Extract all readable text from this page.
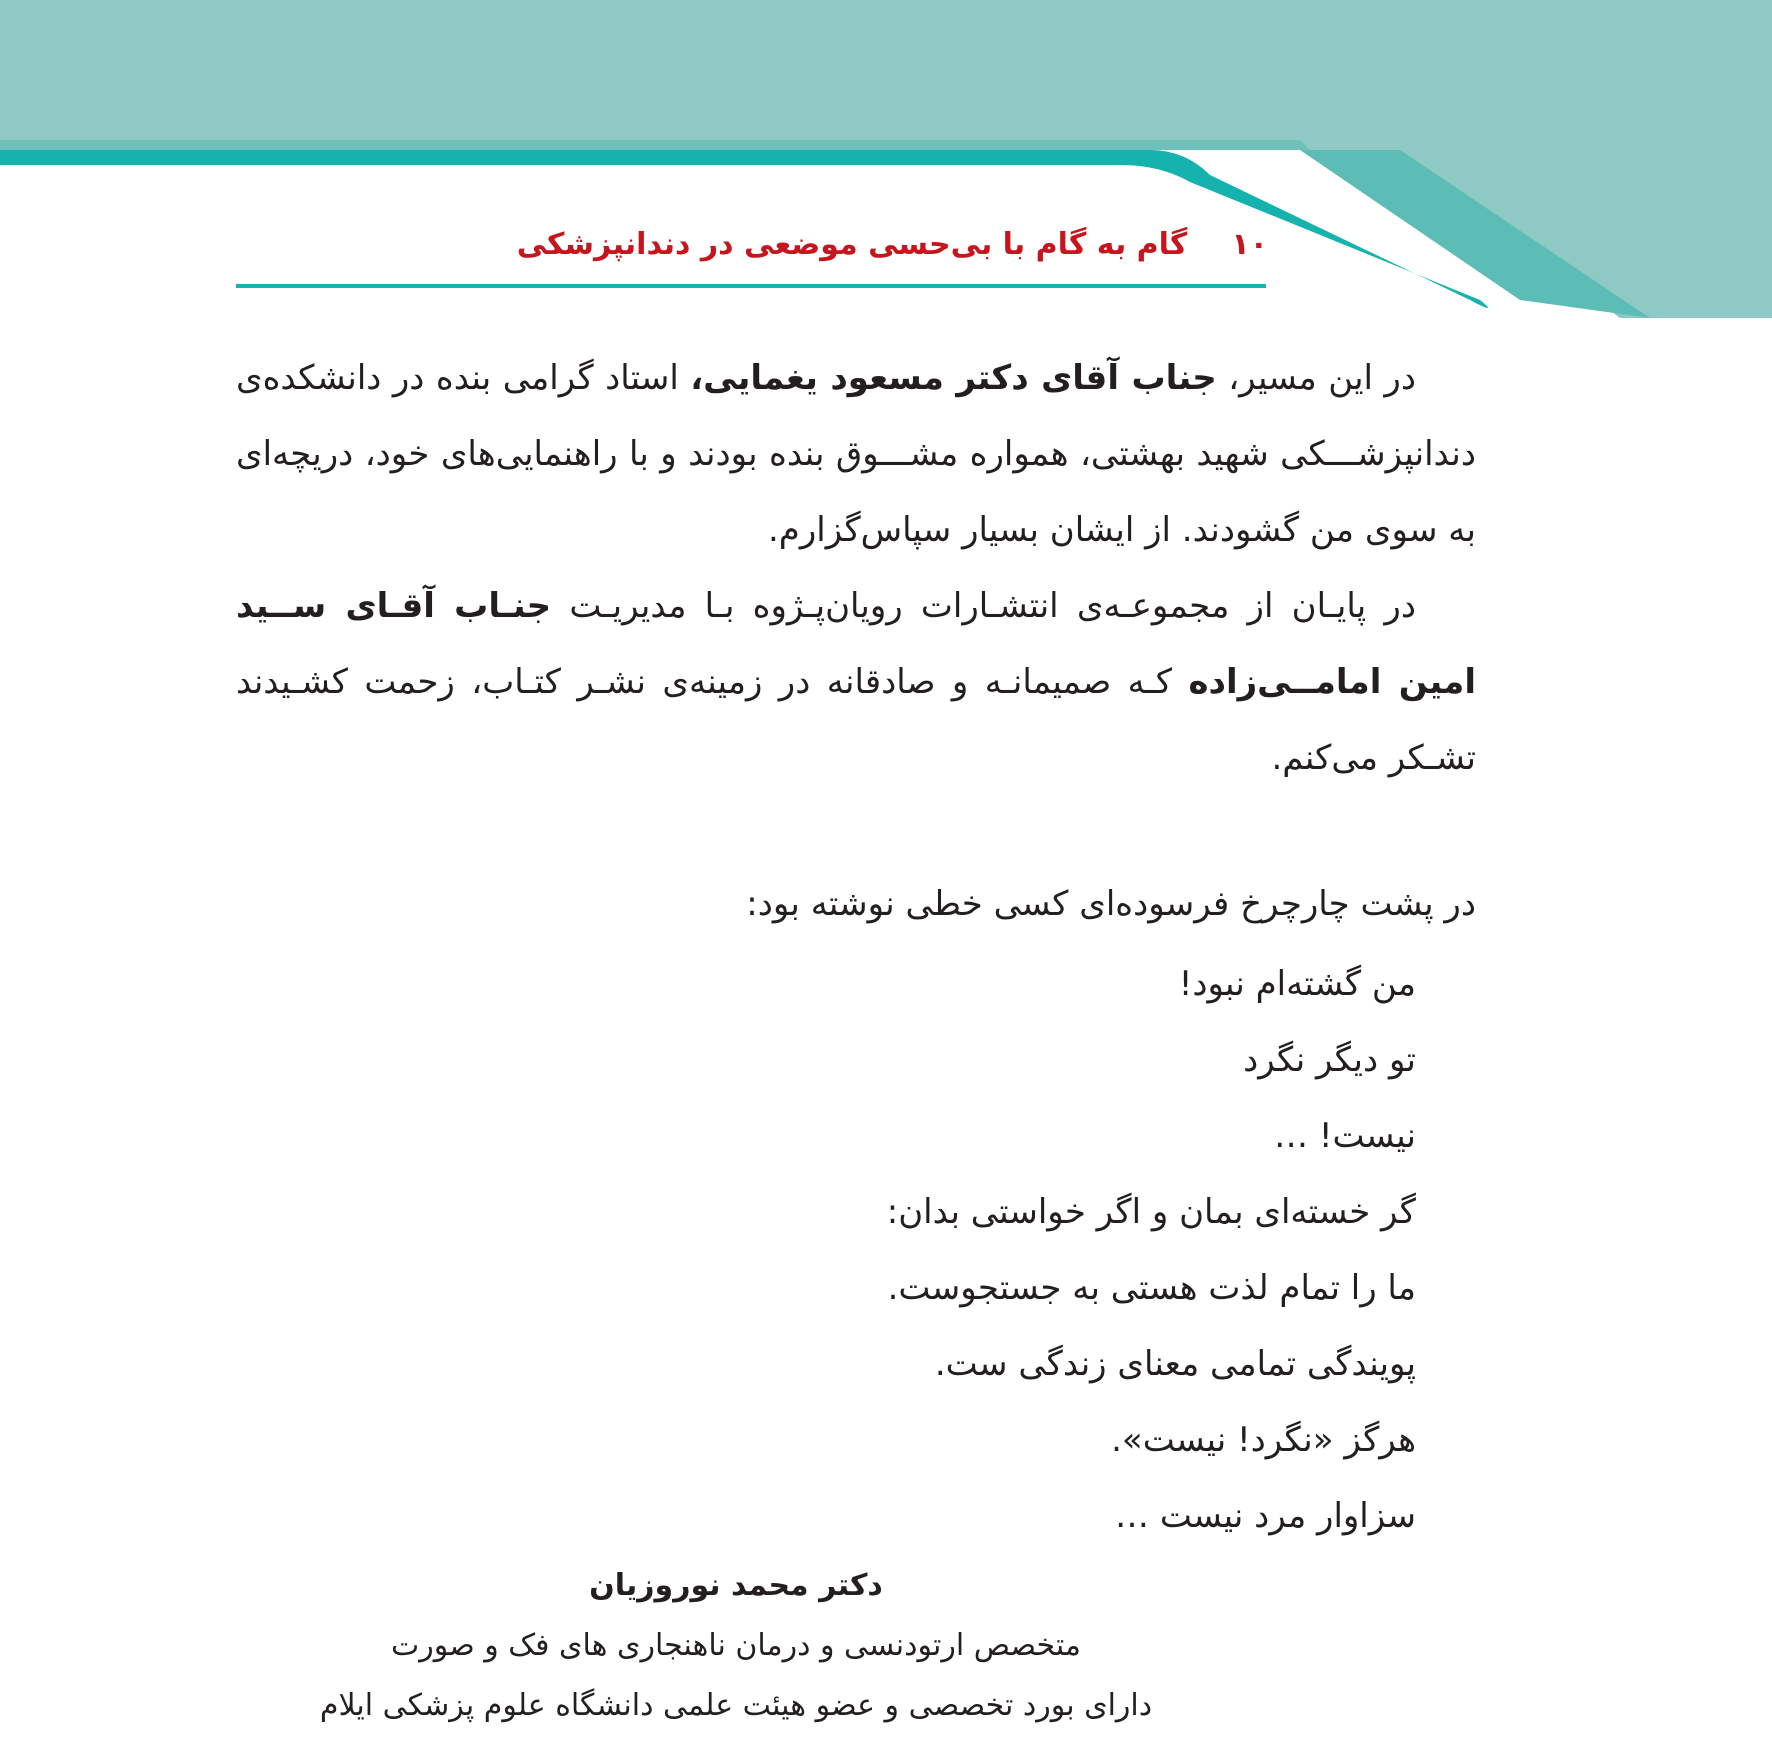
۱۰
گام به گام با بی‌حسی موضعی در دندانپزشکی

در این مسیر، جناب آقای دکتر مسعود یغمایی، استاد گرامی بنده در دانشکده‌ی دندانپزشـــکی شهید بهشتی، همواره مشـــوق بنده بودند و با راهنمایی‌های خود، دریچه‌ای به سوی من گشودند. از ایشان بسیار سپاس‌گزارم.

در پایـان از مجموعـه‌ی انتشـارات رویان‌پـژوه بـا مدیریـت جنـاب آقـای ســید امین امامــی‌زاده کـه صمیمانـه و صادقانه در زمینه‌ی نشـر کتـاب، زحمت کشـیدند تشـکر می‌کنم.

در پشت چارچرخ فرسوده‌ای کسی خطی نوشته بود:

من گشته‌ام نبود!
تو دیگر نگرد
نیست! …
گر خسته‌ای بمان و اگر خواستی بدان:
ما را تمام لذت هستی به جستجوست.
پویندگی تمامی معنای زندگی ست.
هرگز «نگرد! نیست».
سزاوار مرد نیست …
دکتر محمد نوروزیان
متخصص ارتودنسی و درمان ناهنجاری های فک و صورت
دارای بورد تخصصی و عضو هیئت علمی دانشگاه علوم پزشکی ایلام
